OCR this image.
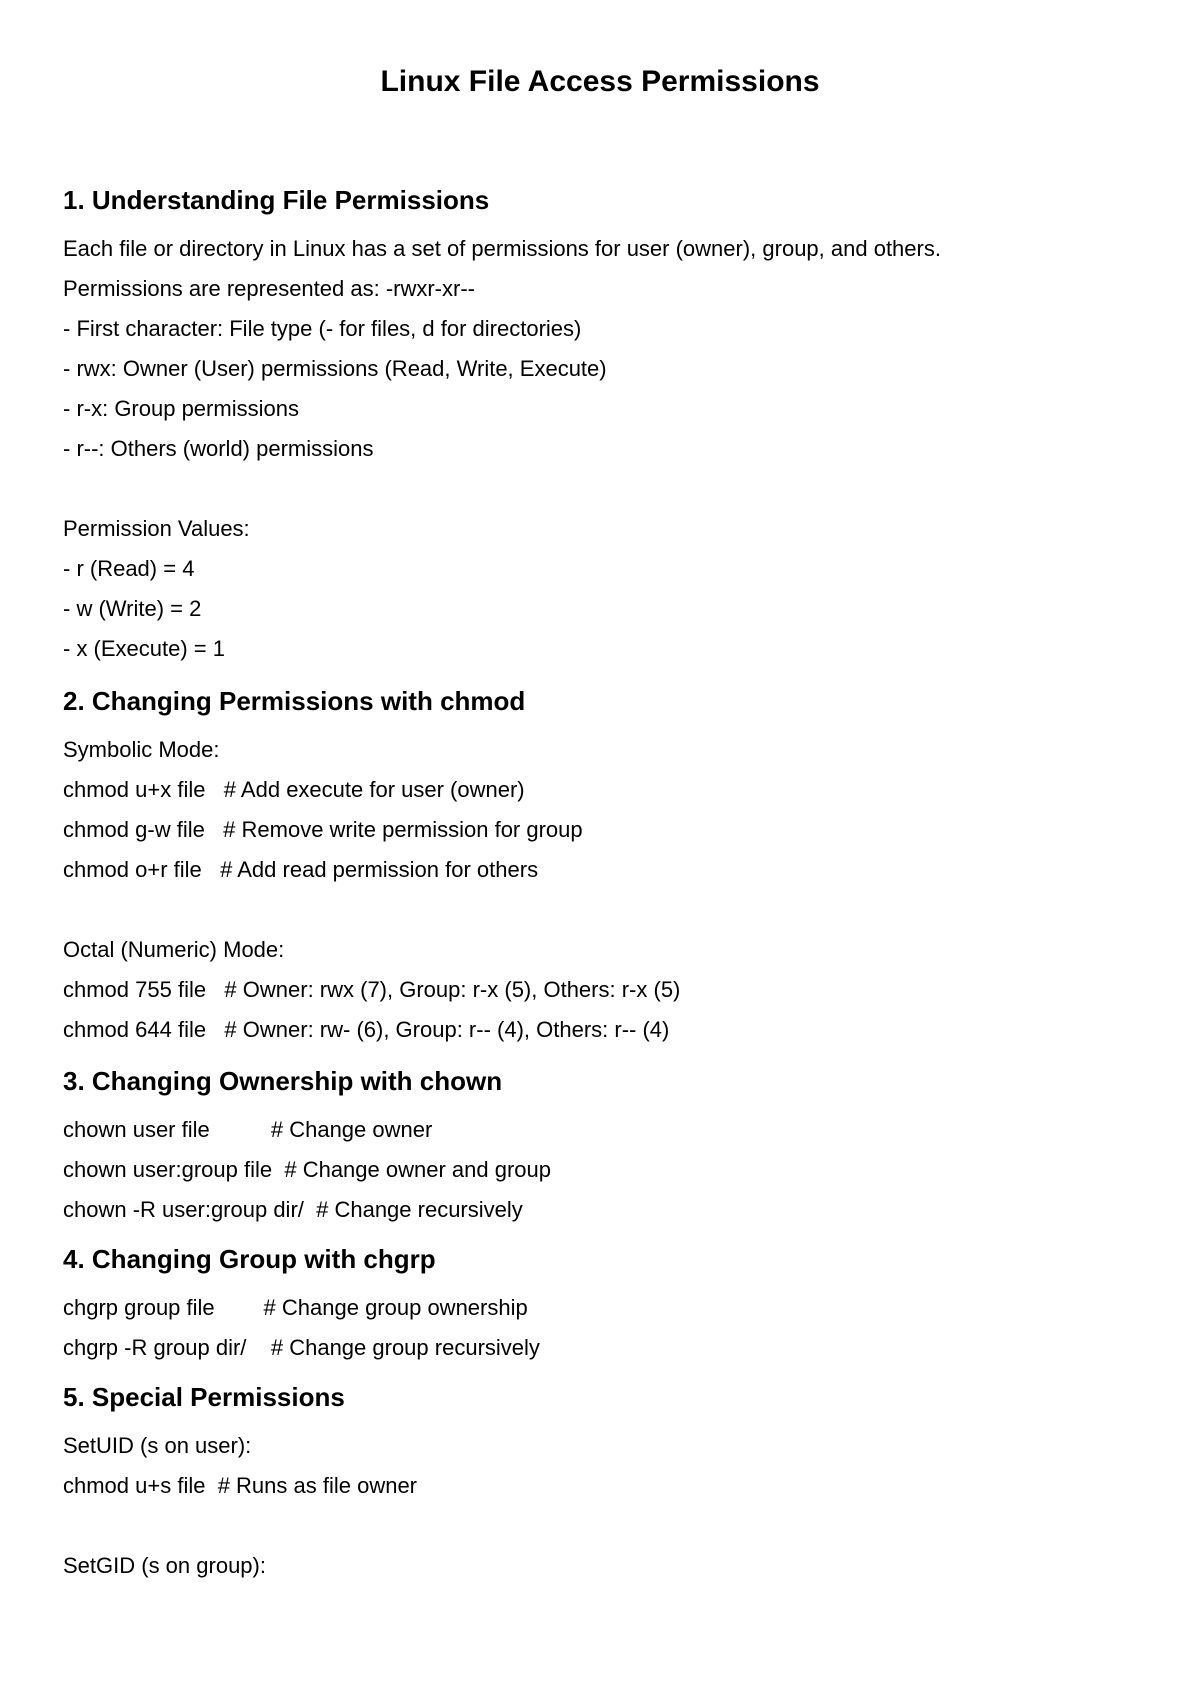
Linux File Access Permissions
1. Understanding File Permissions
Each file or directory in Linux has a set of permissions for user (owner), group, and others.
Permissions are represented as: -rwxr-xr--
- First character: File type (- for files, d for directories)
- rwx: Owner (User) permissions (Read, Write, Execute)
- r-x: Group permissions
- r--: Others (world) permissions
Permission Values:
- r (Read) = 4
- w (Write) = 2
- x (Execute) = 1
2. Changing Permissions with chmod
Symbolic Mode:
chmod u+x file   # Add execute for user (owner)
chmod g-w file   # Remove write permission for group
chmod o+r file   # Add read permission for others
Octal (Numeric) Mode:
chmod 755 file   # Owner: rwx (7), Group: r-x (5), Others: r-x (5)
chmod 644 file   # Owner: rw- (6), Group: r-- (4), Others: r-- (4)
3. Changing Ownership with chown
chown user file          # Change owner
chown user:group file  # Change owner and group
chown -R user:group dir/  # Change recursively
4. Changing Group with chgrp
chgrp group file        # Change group ownership
chgrp -R group dir/    # Change group recursively
5. Special Permissions
SetUID (s on user):
chmod u+s file  # Runs as file owner
SetGID (s on group):
